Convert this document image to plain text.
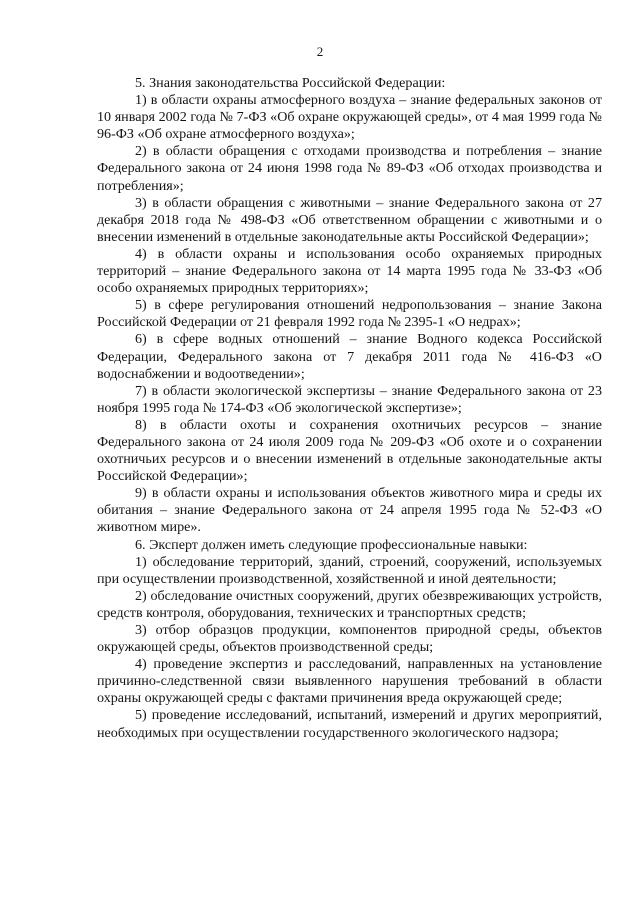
2

5. Знания законодательства Российской Федерации:

1) в области охраны атмосферного воздуха – знание федеральных законов от 10 января 2002 года № 7-ФЗ «Об охране окружающей среды», от 4 мая 1999 года № 96-ФЗ «Об охране атмосферного воздуха»;

2) в области обращения с отходами производства и потребления – знание Федерального закона от 24 июня 1998 года № 89-ФЗ «Об отходах производства и потребления»;

3) в области обращения с животными – знание Федерального закона от 27 декабря 2018 года № 498-ФЗ «Об ответственном обращении с животными и о внесении изменений в отдельные законодательные акты Российской Федерации»;

4) в области охраны и использования особо охраняемых природных территорий – знание Федерального закона от 14 марта 1995 года № 33-ФЗ «Об особо охраняемых природных территориях»;

5) в сфере регулирования отношений недропользования – знание Закона Российской Федерации от 21 февраля 1992 года № 2395-1 «О недрах»;

6) в сфере водных отношений – знание Водного кодекса Российской Федерации, Федерального закона от 7 декабря 2011 года № 416-ФЗ «О водоснабжении и водоотведении»;

7) в области экологической экспертизы – знание Федерального закона от 23 ноября 1995 года № 174-ФЗ «Об экологической экспертизе»;

8) в области охоты и сохранения охотничьих ресурсов – знание Федерального закона от 24 июля 2009 года № 209-ФЗ «Об охоте и о сохранении охотничьих ресурсов и о внесении изменений в отдельные законодательные акты Российской Федерации»;

9) в области охраны и использования объектов животного мира и среды их обитания – знание Федерального закона от 24 апреля 1995 года № 52-ФЗ «О животном мире».

6. Эксперт должен иметь следующие профессиональные навыки:

1) обследование территорий, зданий, строений, сооружений, используемых при осуществлении производственной, хозяйственной и иной деятельности;

2) обследование очистных сооружений, других обезвреживающих устройств, средств контроля, оборудования, технических и транспортных средств;

3) отбор образцов продукции, компонентов природной среды, объектов окружающей среды, объектов производственной среды;

4) проведение экспертиз и расследований, направленных на установление причинно-следственной связи выявленного нарушения требований в области охраны окружающей среды с фактами причинения вреда окружающей среде;

5) проведение исследований, испытаний, измерений и других мероприятий, необходимых при осуществлении государственного экологического надзора;
